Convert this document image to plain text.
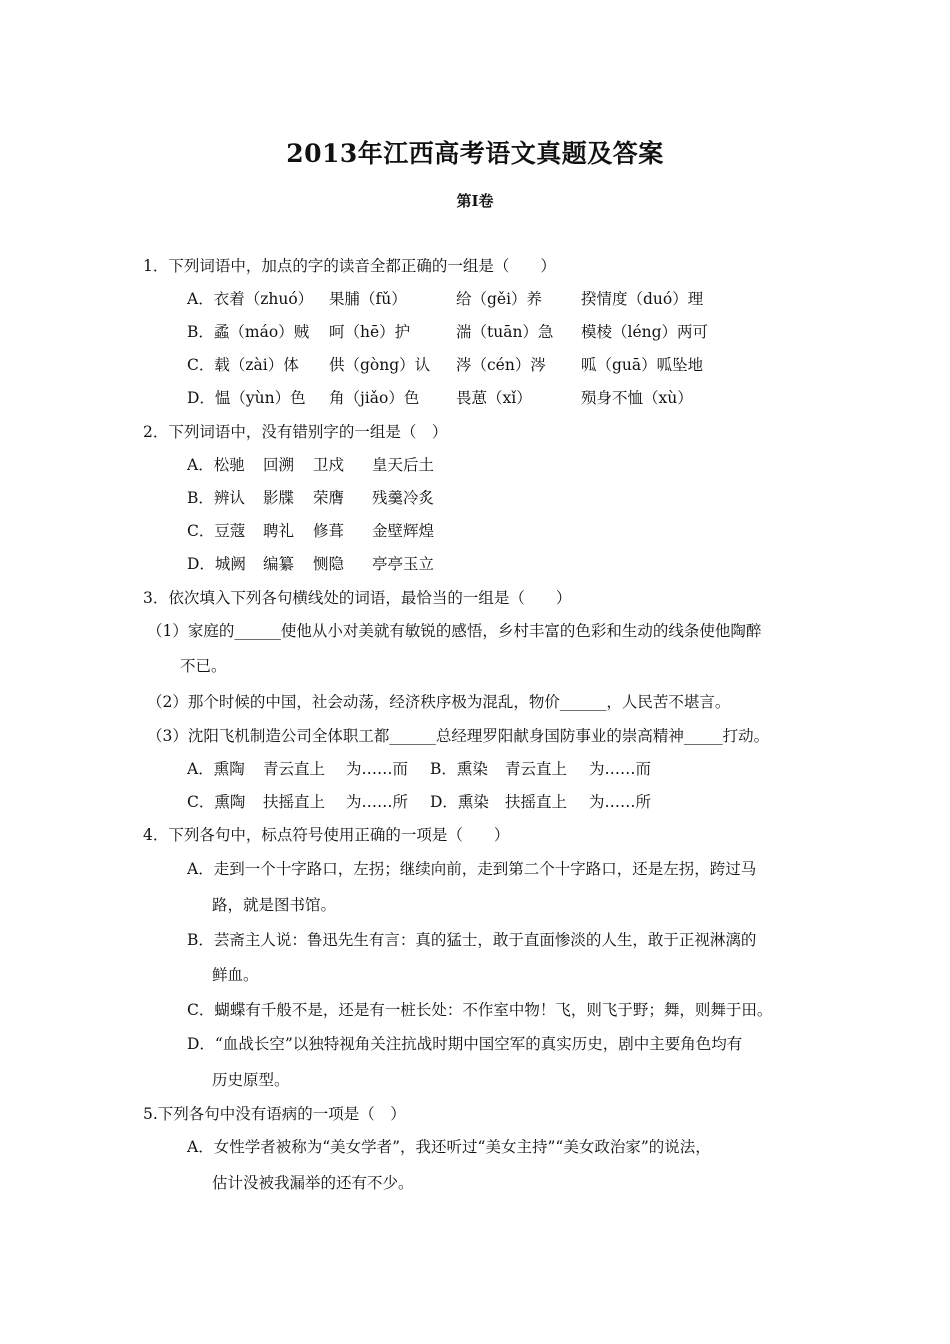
2013年江西高考语文真题及答案
第Ⅰ卷
1．下列词语中，加点的字的读音全都正确的一组是（　　）
A．衣着（zhuó） 果脯（fǔ）	给（gěi）养	揆情度（duó）理
B．蟊（máo）贼 呵（hē）护	湍（tuān）急 模棱（léng）两可
C．载（zài）体 供（gòng）认 涔（cén）涔 呱（guā）呱坠地
D．愠（yùn）色 角（jiǎo）色 畏葸（xǐ）	殒身不恤（xù）
2．下列词语中，没有错别字的一组是（　）
A．松驰 回溯 卫戍 皇天后土
B．辨认 影牒 荣膺 残羹冷炙
C．豆蔻 聘礼 修葺 金壁辉煌
D．城阙 编纂 恻隐 亭亭玉立
3．依次填入下列各句横线处的词语，最恰当的一组是（　　）
（1）家庭的______使他从小对美就有敏锐的感悟，乡村丰富的色彩和生动的线条使他陶醉
不已。
（2）那个时候的中国，社会动荡，经济秩序极为混乱，物价______，人民苦不堪言。
（3）沈阳飞机制造公司全体职工都______总经理罗阳献身国防事业的崇高精神_____打动。
A．熏陶 青云直上 为……而 B．熏染 青云直上 为……而
C．熏陶 扶摇直上 为……所 D．熏染 扶摇直上 为……所
4．下列各句中，标点符号使用正确的一项是（　　）
A．走到一个十字路口，左拐；继续向前，走到第二个十字路口，还是左拐，跨过马
路，就是图书馆。
B．芸斋主人说：鲁迅先生有言：真的猛士，敢于直面惨淡的人生，敢于正视淋漓的
鲜血。
C．蝴蝶有千般不是，还是有一桩长处：不作室中物！飞，则飞于野；舞，则舞于田。
D．“血战长空”以独特视角关注抗战时期中国空军的真实历史，剧中主要角色均有
历史原型。
5.下列各句中没有语病的一项是（　）
A．女性学者被称为“美女学者”，我还听过“美女主持”“美女政治家”的说法，
估计没被我漏举的还有不少。
